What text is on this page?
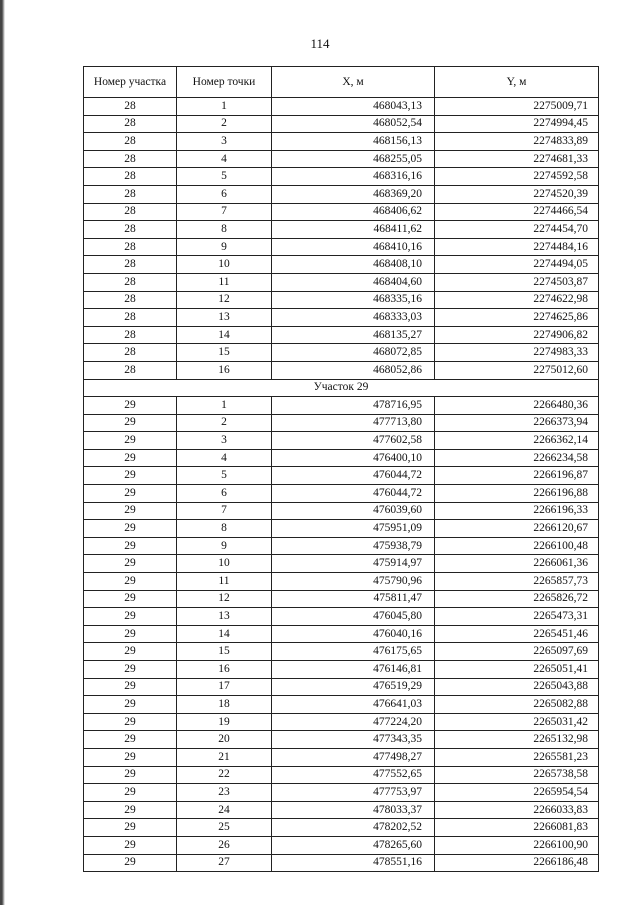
114
Номер участка	Номер точки	X, м	Y, м
28	1	468043,13	2275009,71
28	2	468052,54	2274994,45
28	3	468156,13	2274833,89
28	4	468255,05	2274681,33
28	5	468316,16	2274592,58
28	6	468369,20	2274520,39
28	7	468406,62	2274466,54
28	8	468411,62	2274454,70
28	9	468410,16	2274484,16
28	10	468408,10	2274494,05
28	11	468404,60	2274503,87
28	12	468335,16	2274622,98
28	13	468333,03	2274625,86
28	14	468135,27	2274906,82
28	15	468072,85	2274983,33
28	16	468052,86	2275012,60
Участок 29			
29	1	478716,95	2266480,36
29	2	477713,80	2266373,94
29	3	477602,58	2266362,14
29	4	476400,10	2266234,58
29	5	476044,72	2266196,87
29	6	476044,72	2266196,88
29	7	476039,60	2266196,33
29	8	475951,09	2266120,67
29	9	475938,79	2266100,48
29	10	475914,97	2266061,36
29	11	475790,96	2265857,73
29	12	475811,47	2265826,72
29	13	476045,80	2265473,31
29	14	476040,16	2265451,46
29	15	476175,65	2265097,69
29	16	476146,81	2265051,41
29	17	476519,29	2265043,88
29	18	476641,03	2265082,88
29	19	477224,20	2265031,42
29	20	477343,35	2265132,98
29	21	477498,27	2265581,23
29	22	477552,65	2265738,58
29	23	477753,97	2265954,54
29	24	478033,37	2266033,83
29	25	478202,52	2266081,83
29	26	478265,60	2266100,90
29	27	478551,16	2266186,48
